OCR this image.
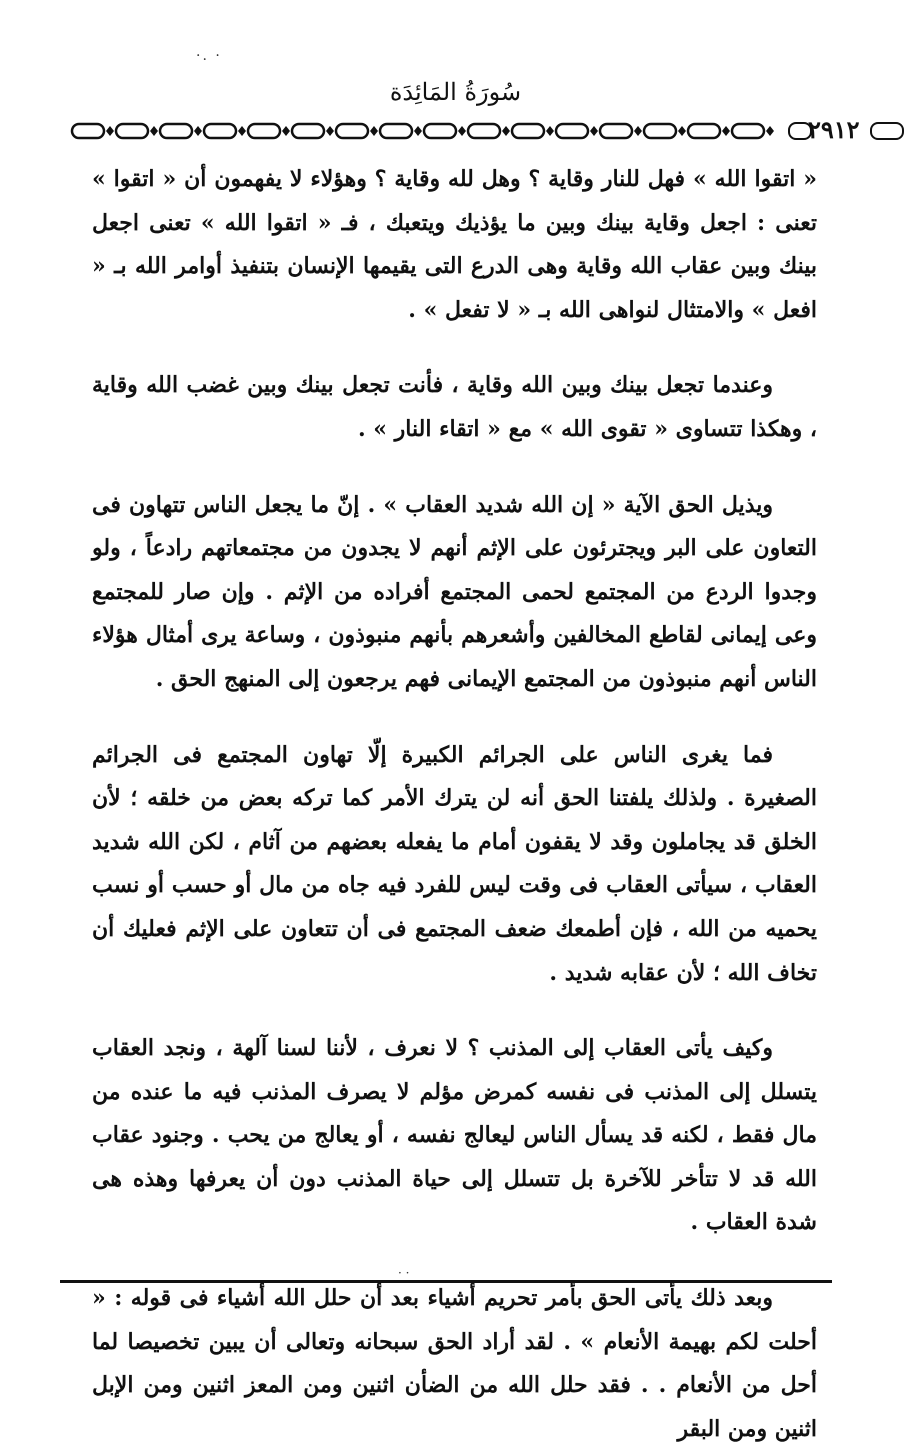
·. ·
سُورَةُ المَائِدَة
٢٩١٢

« اتقوا الله » فهل للنار وقاية ؟ وهل لله وقاية ؟ وهؤلاء لا يفهمون أن « اتقوا » تعنى : اجعل وقاية بينك وبين ما يؤذيك ويتعبك ، فـ « اتقوا الله » تعنى اجعل بينك وبين عقاب الله وقاية وهى الدرع التى يقيمها الإنسان بتنفيذ أوامر الله بـ « افعل » والامتثال لنواهى الله بـ « لا تفعل » .

وعندما تجعل بينك وبين الله وقاية ، فأنت تجعل بينك وبين غضب الله وقاية ، وهكذا تتساوى « تقوى الله » مع « اتقاء النار » .

ويذيل الحق الآية « إن الله شديد العقاب » . إنّ ما يجعل الناس تتهاون فى التعاون على البر ويجترئون على الإثم أنهم لا يجدون من مجتمعاتهم رادعاً ، ولو وجدوا الردع من المجتمع لحمى المجتمع أفراده من الإثم . وإن صار للمجتمع وعى إيمانى لقاطع المخالفين وأشعرهم بأنهم منبوذون ، وساعة يرى أمثال هؤلاء الناس أنهم منبوذون من المجتمع الإيمانى فهم يرجعون إلى المنهج الحق .

فما يغرى الناس على الجرائم الكبيرة إلّا تهاون المجتمع فى الجرائم الصغيرة . ولذلك يلفتنا الحق أنه لن يترك الأمر كما تركه بعض من خلقه ؛ لأن الخلق قد يجاملون وقد لا يقفون أمام ما يفعله بعضهم من آثام ، لكن الله شديد العقاب ، سيأتى العقاب فى وقت ليس للفرد فيه جاه من مال أو حسب أو نسب يحميه من الله ، فإن أطمعك ضعف المجتمع فى أن تتعاون على الإثم فعليك أن تخاف الله ؛ لأن عقابه شديد .

وكيف يأتى العقاب إلى المذنب ؟ لا نعرف ، لأننا لسنا آلهة ، ونجد العقاب يتسلل إلى المذنب فى نفسه كمرض مؤلم لا يصرف المذنب فيه ما عنده من مال فقط ، لكنه قد يسأل الناس ليعالج نفسه ، أو يعالج من يحب . وجنود عقاب الله قد لا تتأخر للآخرة بل تتسلل إلى حياة المذنب دون أن يعرفها وهذه هى شدة العقاب .

وبعد ذلك يأتى الحق بأمر تحريم أشياء بعد أن حلل الله أشياء فى قوله : « أحلت لكم بهيمة الأنعام » . لقد أراد الحق سبحانه وتعالى أن يبين تخصيصا لما أحل من الأنعام . . فقد حلل الله من الضأن اثنين ومن المعز اثنين ومن الإبل اثنين ومن البقر

· ·
